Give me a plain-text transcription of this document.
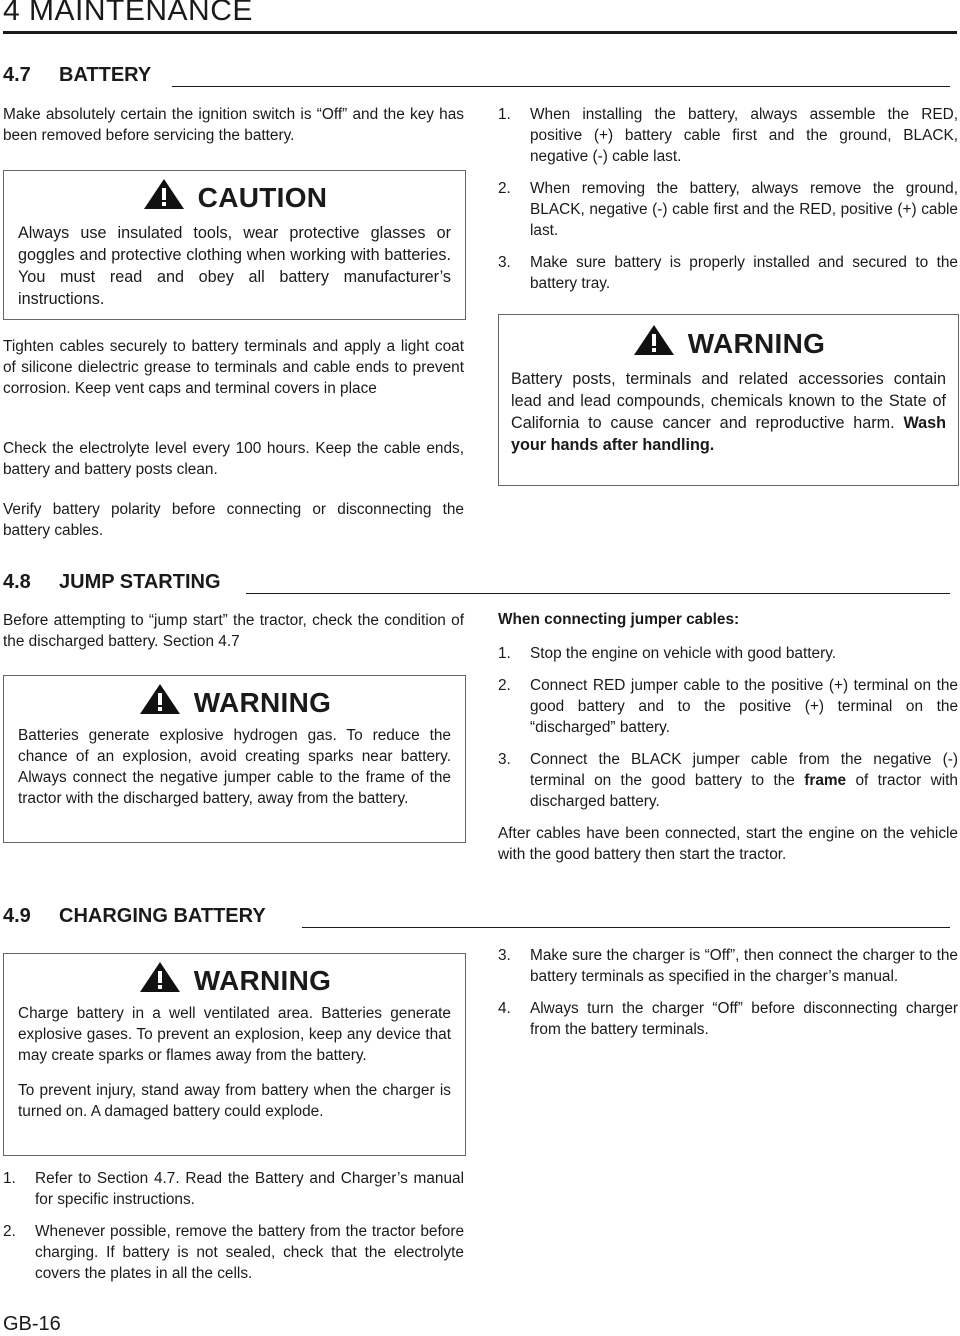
4 MAINTENANCE
4.7 BATTERY
Make absolutely certain the ignition switch is “Off” and the key has been removed before servicing the battery.
CAUTION
Always use insulated tools, wear protective glasses or goggles and protective clothing when working with batteries. You must read and obey all battery manufacturer’s instructions.
Tighten cables securely to battery terminals and apply a light coat of silicone dielectric grease to terminals and cable ends to prevent corrosion. Keep vent caps and terminal covers in place
Check the electrolyte level every 100 hours. Keep the cable ends, battery and battery posts clean.
Verify battery polarity before connecting or disconnecting the battery cables.
1.	When installing the battery, always assemble the RED, positive (+) battery cable first and the ground, BLACK, negative (-) cable last.
2.	When removing the battery, always remove the ground, BLACK, negative (-) cable first and the RED, positive (+) cable last.
3.	Make sure battery is properly installed and secured to the battery tray.
WARNING
Battery posts, terminals and related accessories contain lead and lead compounds, chemicals known to the State of California to cause cancer and reproductive harm. Wash your hands after handling.
4.8 JUMP STARTING
Before attempting to “jump start” the tractor, check the condition of the discharged battery. Section 4.7
WARNING
Batteries generate explosive hydrogen gas. To reduce the chance of an explosion, avoid creating sparks near battery. Always connect the negative jumper cable to the frame of the tractor with the discharged battery, away from the battery.
When connecting jumper cables:
1.	Stop the engine on vehicle with good battery.
2.	Connect RED jumper cable to the positive (+) terminal on the good battery and to the positive (+) terminal on the “discharged” battery.
3.	Connect the BLACK jumper cable from the negative (-) terminal on the good battery to the frame of tractor with discharged battery.
After cables have been connected, start the engine on the vehicle with the good battery then start the tractor.
4.9 CHARGING BATTERY
WARNING
Charge battery in a well ventilated area. Batteries generate explosive gases. To prevent an explosion, keep any device that may create sparks or flames away from the battery.
To prevent injury, stand away from battery when the charger is turned on. A damaged battery could explode.
1.	Refer to Section 4.7. Read the Battery and Charger’s manual for specific instructions.
2.	Whenever possible, remove the battery from the tractor before charging. If battery is not sealed, check that the electrolyte covers the plates in all the cells.
3.	Make sure the charger is “Off”, then connect the charger to the battery terminals as specified in the charger’s manual.
4.	Always turn the charger “Off” before disconnecting charger from the battery terminals.
GB-16
